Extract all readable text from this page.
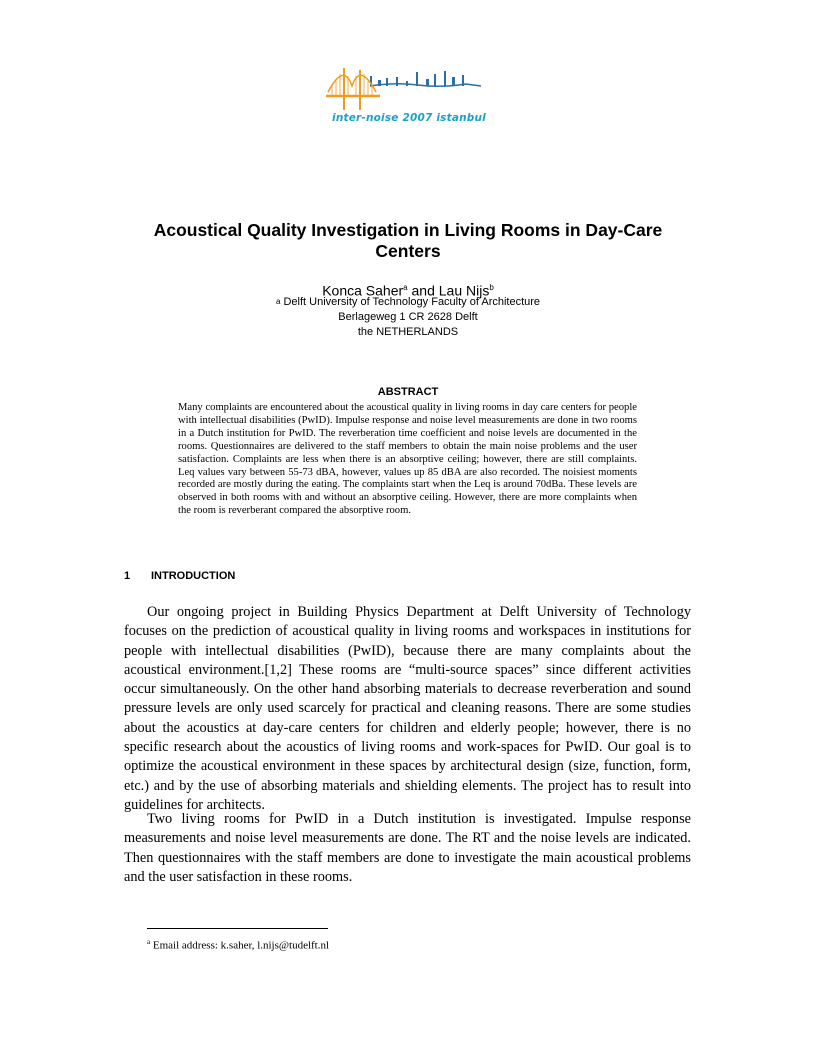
inter-noise 2007 istanbul
Acoustical Quality Investigation in Living Rooms in Day-Care Centers
Konca Saher$^a$ and Lau Nijs$^b$
$^a$ Delft University of Technology Faculty of Architecture
Berlageweg 1 CR 2628 Delft
the NETHERLANDS
ABSTRACT
Many complaints are encountered about the acoustical quality in living rooms in day care centers for people with intellectual disabilities (PwID). Impulse response and noise level measurements are done in two rooms in a Dutch institution for PwID. The reverberation time coefficient and noise levels are documented in the rooms. Questionnaires are delivered to the staff members to obtain the main noise problems and the user satisfaction. Complaints are less when there is an absorptive ceiling; however, there are still complaints. Leq values vary between 55-73 dBA, however, values up 85 dBA are also recorded. The noisiest moments recorded are mostly during the eating. The complaints start when the Leq is around 70dBa. These levels are observed in both rooms with and without an absorptive ceiling. However, there are more complaints when the room is reverberant compared the absorptive room.
1 INTRODUCTION
Our ongoing project in Building Physics Department at Delft University of Technology focuses on the prediction of acoustical quality in living rooms and workspaces in institutions for people with intellectual disabilities (PwID), because there are many complaints about the acoustical environment.[1,2] These rooms are “multi-source spaces” since different activities occur simultaneously. On the other hand absorbing materials to decrease reverberation and sound pressure levels are only used scarcely for practical and cleaning reasons. There are some studies about the acoustics at day-care centers for children and elderly people; however, there is no specific research about the acoustics of living rooms and work-spaces for PwID. Our goal is to optimize the acoustical environment in these spaces by architectural design (size, function, form, etc.) and by the use of absorbing materials and shielding elements. The project has to result into guidelines for architects.
Two living rooms for PwID in a Dutch institution is investigated. Impulse response measurements and noise level measurements are done. The RT and the noise levels are indicated. Then questionnaires with the staff members are done to investigate the main acoustical problems and the user satisfaction in these rooms.
$^a$ Email address: k.saher, l.nijs@tudelft.nl
